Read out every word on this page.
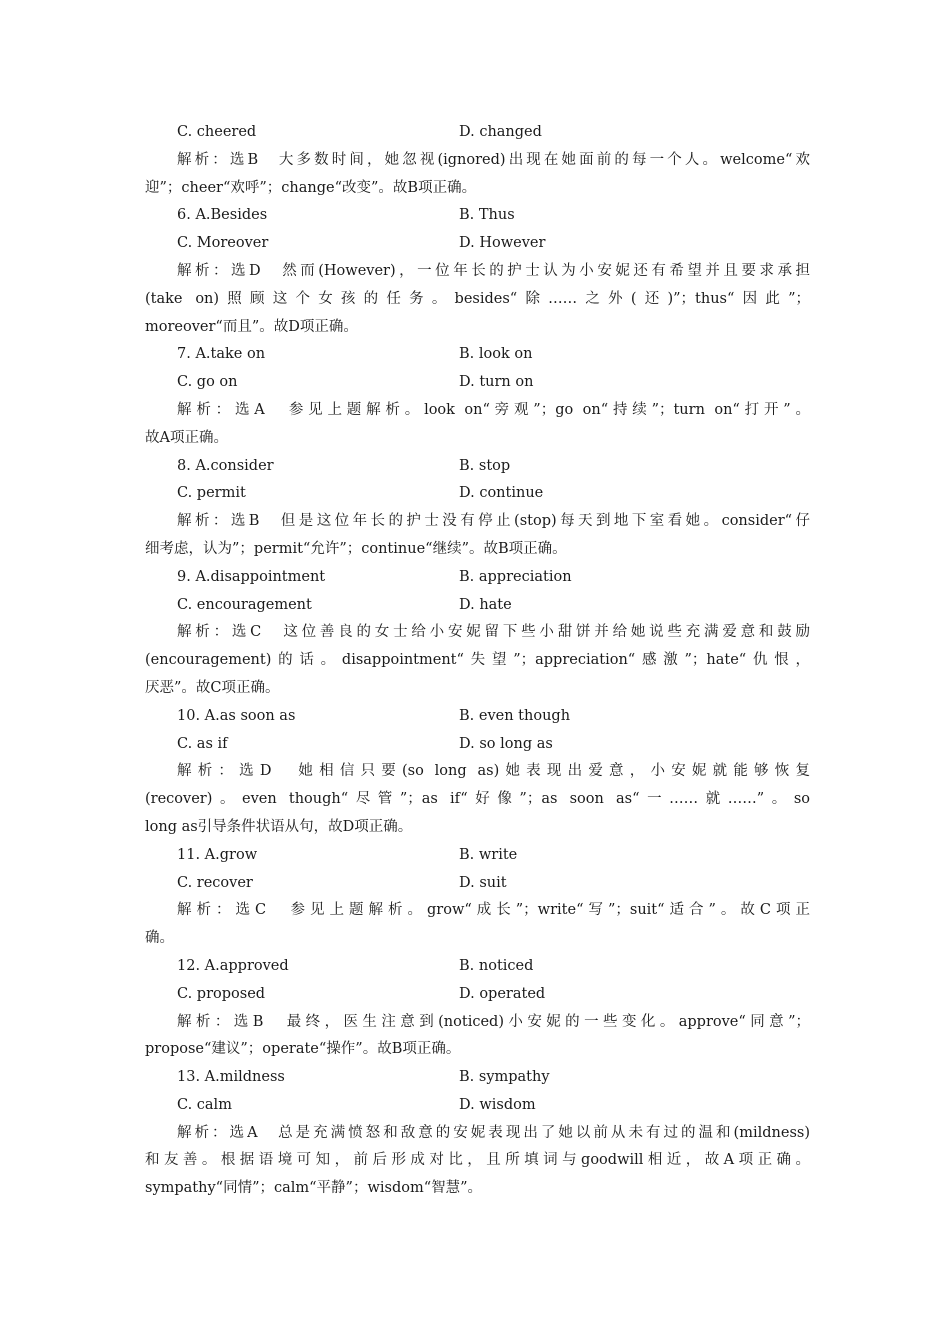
C. cheered	D. changed
解析：选B　大多数时间，她忽视(ignored)出现在她面前的每一个人。welcome“欢
迎”；cheer“欢呼”；change“改变”。故B项正确。
6. A.Besides	B. Thus
C. Moreover	D. However
解析：选D　然而(However)，一位年长的护士认为小安妮还有希望并且要求承担
(take on)照顾这个女孩的任务。besides“除……之外(还)”；thus“因此”；
moreover“而且”。故D项正确。
7. A.take on	B. look on
C. go on	D. turn on
解析：选A　参见上题解析。look on“旁观”；go on“持续”；turn on“打开”。
故A项正确。
8. A.consider	B. stop
C. permit	D. continue
解析：选B　但是这位年长的护士没有停止(stop)每天到地下室看她。consider“仔
细考虑，认为”；permit“允许”；continue“继续”。故B项正确。
9. A.disappointment	B. appreciation
C. encouragement	D. hate
解析：选C　这位善良的女士给小安妮留下些小甜饼并给她说些充满爱意和鼓励
(encouragement)的话。disappointment“失望”；appreciation“感激”；hate“仇恨，
厌恶”。故C项正确。
10. A.as soon as	B. even though
C. as if	D. so long as
解析：选D　她相信只要(so long as)她表现出爱意，小安妮就能够恢复
(recover)。even though“尽管”；as if“好像”；as soon as“一……就……”。so
long as引导条件状语从句，故D项正确。
11. A.grow	B. write
C. recover	D. suit
解析：选C　参见上题解析。grow“成长”；write“写”；suit“适合”。故C项正
确。
12. A.approved	B. noticed
C. proposed	D. operated
解析：选B　最终，医生注意到(noticed)小安妮的一些变化。approve“同意”；
propose“建议”；operate“操作”。故B项正确。
13. A.mildness	B. sympathy
C. calm	D. wisdom
解析：选A　总是充满愤怒和敌意的安妮表现出了她以前从未有过的温和(mildness)
和友善。根据语境可知，前后形成对比，且所填词与goodwill相近，故A项正确。
sympathy“同情”；calm“平静”；wisdom“智慧”。
